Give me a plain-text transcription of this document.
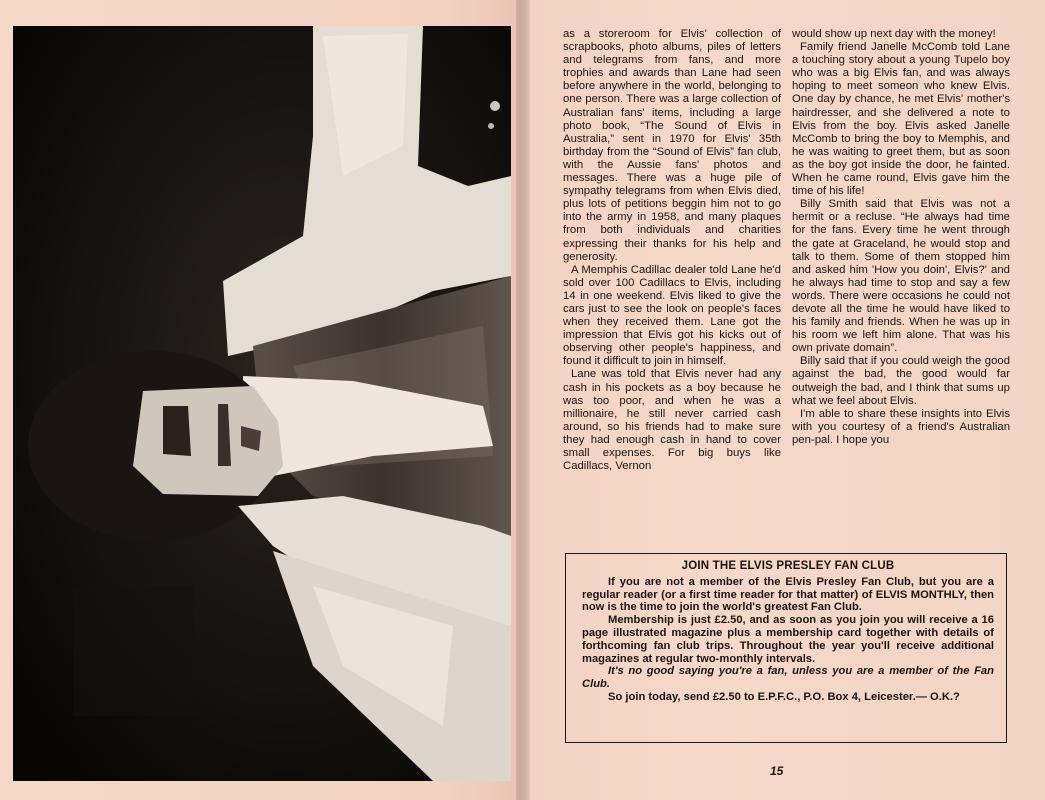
as a storeroom for Elvis' collection of scrapbooks, photo albums, piles of letters and telegrams from fans, and more trophies and awards than Lane had seen before anywhere in the world, belonging to one person. There was a large collection of Australian fans' items, including a large photo book, “The Sound of Elvis in Australia,” sent in 1970 for Elvis' 35th birthday from the “Sound of Elvis” fan club, with the Aussie fans' photos and messages. There was a huge pile of sympathy telegrams from when Elvis died, plus lots of petitions beggin him not to go into the army in 1958, and many plaques from both individuals and charities expressing their thanks for his help and generosity.

A Memphis Cadillac dealer told Lane he'd sold over 100 Cadillacs to Elvis, including 14 in one weekend. Elvis liked to give the cars just to see the look on people's faces when they received them. Lane got the impression that Elvis got his kicks out of observing other people's happiness, and found it difficult to join in himself.

Lane was told that Elvis never had any cash in his pockets as a boy because he was too poor, and when he was a millionaire, he still never carried cash around, so his friends had to make sure they had enough cash in hand to cover small expenses. For big buys like Cadillacs, Vernon

would show up next day with the money!

Family friend Janelle McComb told Lane a touching story about a young Tupelo boy who was a big Elvis fan, and was always hoping to meet someon who knew Elvis. One day by chance, he met Elvis' mother's hairdresser, and she delivered a note to Elvis from the boy. Elvis asked Janelle McComb to bring the boy to Memphis, and he was waiting to greet them, but as soon as the boy got inside the door, he fainted. When he came round, Elvis gave him the time of his life!

Billy Smith said that Elvis was not a hermit or a recluse. “He always had time for the fans. Every time he went through the gate at Graceland, he would stop and talk to them. Some of them stopped him and asked him 'How you doin', Elvis?' and he always had time to stop and say a few words. There were occasions he could not devote all the time he would have liked to his family and friends. When he was up in his room we left him alone. That was his own private domain”.

Billy said that if you could weigh the good against the bad, the good would far outweigh the bad, and I think that sums up what we feel about Elvis.

I'm able to share these insights into Elvis with you courtesy of a friend's Australian pen-pal. I hope you

JOIN THE ELVIS PRESLEY FAN CLUB

If you are not a member of the Elvis Presley Fan Club, but you are a regular reader (or a first time reader for that matter) of ELVIS MONTHLY, then now is the time to join the world's greatest Fan Club.

Membership is just £2.50, and as soon as you join you will receive a 16 page illustrated magazine plus a membership card together with details of forthcoming fan club trips. Throughout the year you'll receive additional magazines at regular two-monthly intervals.

It's no good saying you're a fan, unless you are a member of the Fan Club.

So join today, send £2.50 to E.P.F.C., P.O. Box 4, Leicester.— O.K.?

15
